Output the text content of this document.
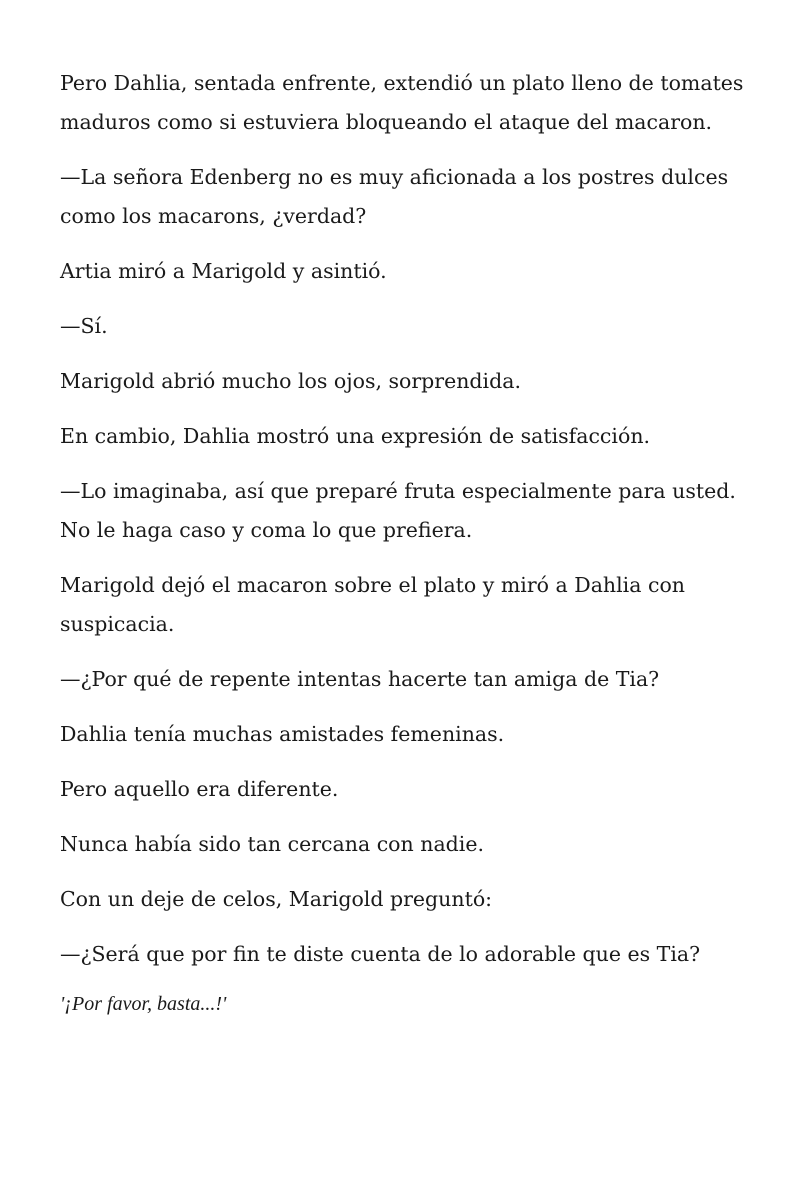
Pero Dahlia, sentada enfrente, extendió un plato lleno de tomates maduros como si estuviera bloqueando el ataque del macaron.

—La señora Edenberg no es muy aficionada a los postres dulces como los macarons, ¿verdad?

Artia miró a Marigold y asintió.

—Sí.

Marigold abrió mucho los ojos, sorprendida.

En cambio, Dahlia mostró una expresión de satisfacción.

—Lo imaginaba, así que preparé fruta especialmente para usted. No le haga caso y coma lo que prefiera.

Marigold dejó el macaron sobre el plato y miró a Dahlia con suspicacia.

—¿Por qué de repente intentas hacerte tan amiga de Tia?

Dahlia tenía muchas amistades femeninas.

Pero aquello era diferente.

Nunca había sido tan cercana con nadie.

Con un deje de celos, Marigold preguntó:

—¿Será que por fin te diste cuenta de lo adorable que es Tia?

'¡Por favor, basta...!'
